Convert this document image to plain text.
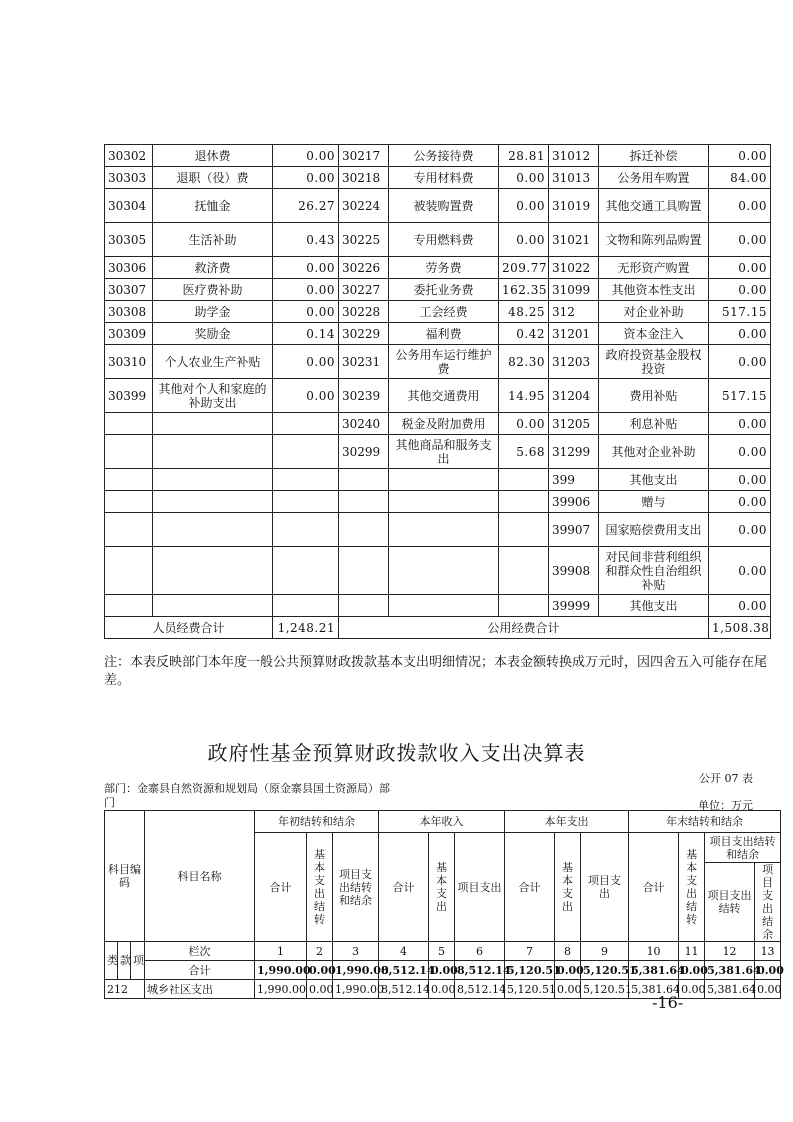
30302	退休费	0.00	30217	公务接待费	28.81	31012	拆迁补偿	0.00
30303	退职（役）费	0.00	30218	专用材料费	0.00	31013	公务用车购置	84.00
30304	抚恤金	26.27	30224	被装购置费	0.00	31019	其他交通工具购置	0.00
30305	生活补助	0.43	30225	专用燃料费	0.00	31021	文物和陈列品购置	0.00
30306	救济费	0.00	30226	劳务费	209.77	31022	无形资产购置	0.00
30307	医疗费补助	0.00	30227	委托业务费	162.35	31099	其他资本性支出	0.00
30308	助学金	0.00	30228	工会经费	48.25	312	对企业补助	517.15
30309	奖励金	0.14	30229	福利费	0.42	31201	资本金注入	0.00
30310	个人农业生产补贴	0.00	30231	公务用车运行维护费	82.30	31203	政府投资基金股权投资	0.00
30399	其他对个人和家庭的补助支出	0.00	30239	其他交通费用	14.95	31204	费用补贴	517.15
			30240	税金及附加费用	0.00	31205	利息补贴	0.00
			30299	其他商品和服务支出	5.68	31299	其他对企业补助	0.00
						399	其他支出	0.00
						39906	赠与	0.00
						39907	国家赔偿费用支出	0.00
						39908	对民间非营利组织和群众性自治组织补贴	0.00
						39999	其他支出	0.00
人员经费合计		1,248.21	公用经费合计					1,508.38
注：本表反映部门本年度一般公共预算财政拨款基本支出明细情况；本表金额转换成万元时，因四舍五入可能存在尾差。
政府性基金预算财政拨款收入支出决算表
公开 07 表
部门：金寨县自然资源和规划局（原金寨县国土资源局）部门	单位：万元
科目编码			科目名称	年初结转和结余			本年收入			本年支出			年末结转和结余			
				合计	基本支出结转	项目支出结转和结余	合计	基本支出	项目支出	合计	基本支出	项目支出	合计	基本支出结转	项目支出结转和结余	
															项目支出结转	项目支出结余
类	款	项	栏次	1	2	3	4	5	6	7	8	9	10	11	12	13
			合计	1,990.00	0.00	1,990.00	8,512.14	0.00	8,512.14	5,120.51	0.00	5,120.51	5,381.64	0.00	5,381.64	0.00
212			城乡社区支出	1,990.00	0.00	1,990.00	8,512.14	0.00	8,512.14	5,120.51	0.00	5,120.51	5,381.64	0.00	5,381.64	0.00
-16-
